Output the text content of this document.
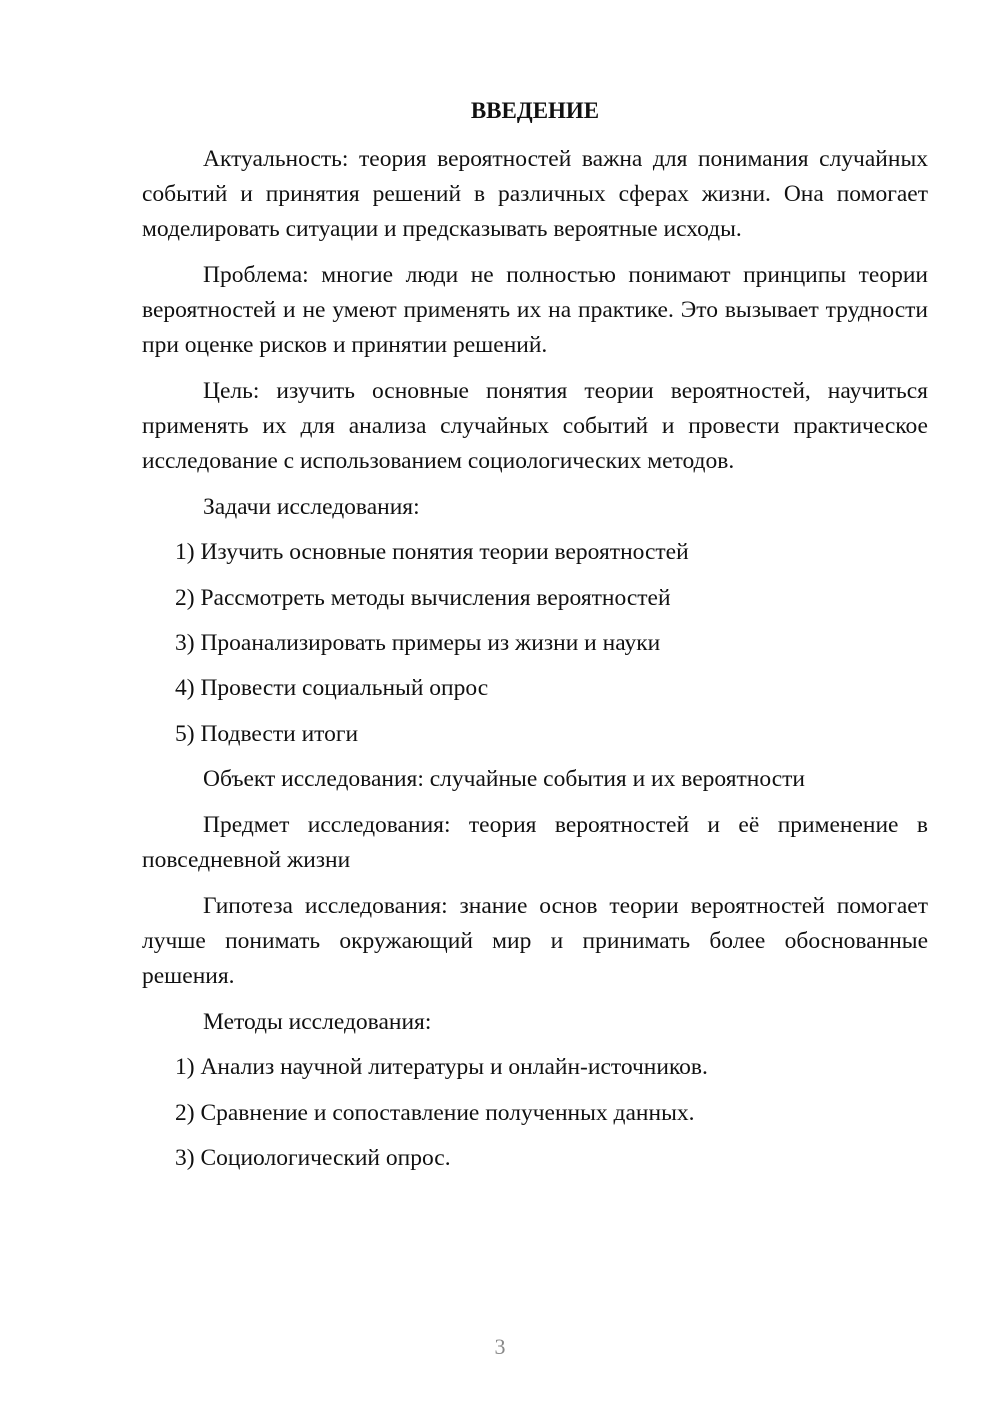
ВВЕДЕНИЕ

Актуальность: теория вероятностей важна для понимания случайных событий и принятия решений в различных сферах жизни. Она помогает моделировать ситуации и предсказывать вероятные исходы.

Проблема: многие люди не полностью понимают принципы теории вероятностей и не умеют применять их на практике. Это вызывает трудности при оценке рисков и принятии решений.

Цель: изучить основные понятия теории вероятностей, научиться применять их для анализа случайных событий и провести практическое исследование с использованием социологических методов.

Задачи исследования:

1) Изучить основные понятия теории вероятностей

2) Рассмотреть методы вычисления вероятностей

3) Проанализировать примеры из жизни и науки

4) Провести социальный опрос

5) Подвести итоги

Объект исследования: случайные события и их вероятности

Предмет исследования: теория вероятностей и её применение в повседневной жизни

Гипотеза исследования: знание основ теории вероятностей помогает лучше понимать окружающий мир и принимать более обоснованные решения.

Методы исследования:

1) Анализ научной литературы и онлайн-источников.

2) Сравнение и сопоставление полученных данных.

3) Социологический опрос.

3
